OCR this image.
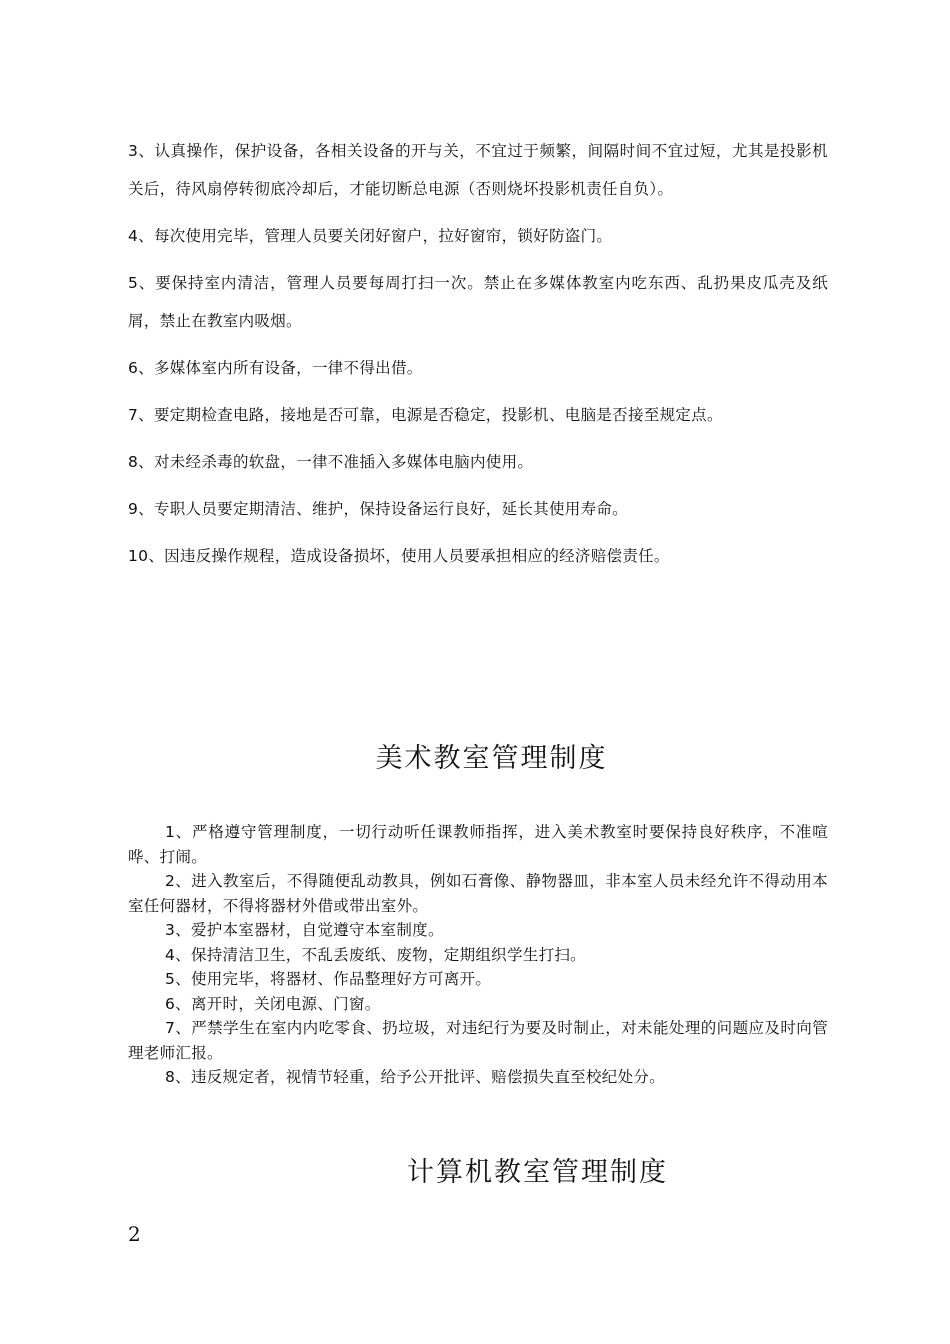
3、认真操作，保护设备，各相关设备的开与关，不宜过于频繁，间隔时间不宜过短，尤其是投影机关后，待风扇停转彻底冷却后，才能切断总电源（否则烧坏投影机责任自负）。

4、每次使用完毕，管理人员要关闭好窗户，拉好窗帘，锁好防盗门。

5、要保持室内清洁，管理人员要每周打扫一次。禁止在多媒体教室内吃东西、乱扔果皮瓜壳及纸屑，禁止在教室内吸烟。

6、多媒体室内所有设备，一律不得出借。

7、要定期检查电路，接地是否可靠，电源是否稳定，投影机、电脑是否接至规定点。

8、对未经杀毒的软盘，一律不准插入多媒体电脑内使用。

9、专职人员要定期清洁、维护，保持设备运行良好，延长其使用寿命。

10、因违反操作规程，造成设备损坏，使用人员要承担相应的经济赔偿责任。

美术教室管理制度

1、严格遵守管理制度，一切行动听任课教师指挥，进入美术教室时要保持良好秩序，不准喧哗、打闹。

2、进入教室后，不得随便乱动教具，例如石膏像、静物器皿，非本室人员未经允许不得动用本室任何器材，不得将器材外借或带出室外。

3、爱护本室器材，自觉遵守本室制度。

4、保持清洁卫生，不乱丢废纸、废物，定期组织学生打扫。

5、使用完毕，将器材、作品整理好方可离开。

6、离开时，关闭电源、门窗。

7、严禁学生在室内内吃零食、扔垃圾，对违纪行为要及时制止，对未能处理的问题应及时向管理老师汇报。

8、违反规定者，视情节轻重，给予公开批评、赔偿损失直至校纪处分。

计算机教室管理制度
2
